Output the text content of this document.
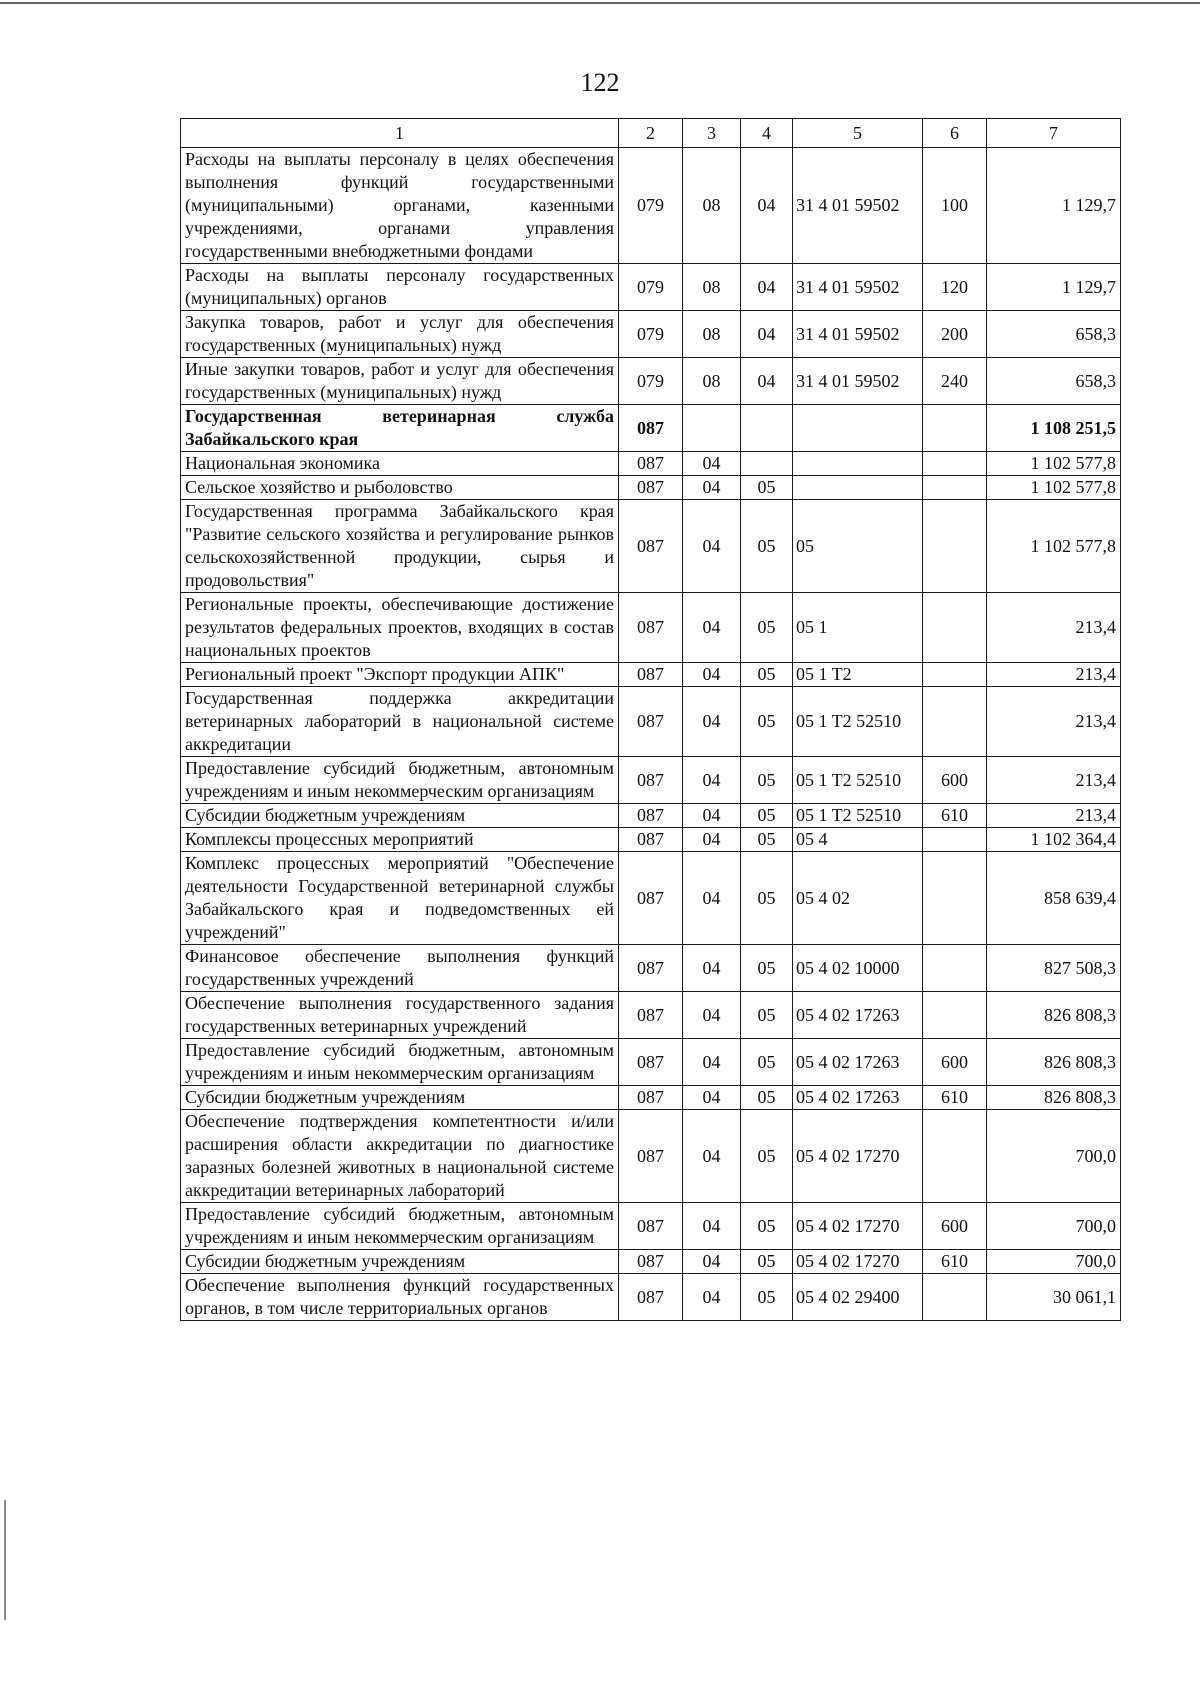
122
1	2	3	4	5	6	7
Расходы на выплаты персоналу в целях обеспечения выполнения функций государственными (муниципальными) органами, казенными учреждениями, органами управления государственными внебюджетными фондами	079	08	04	31 4 01 59502	100	1 129,7
Расходы на выплаты персоналу государственных (муниципальных) органов	079	08	04	31 4 01 59502	120	1 129,7
Закупка товаров, работ и услуг для обеспечения государственных (муниципальных) нужд	079	08	04	31 4 01 59502	200	658,3
Иные закупки товаров, работ и услуг для обеспечения государственных (муниципальных) нужд	079	08	04	31 4 01 59502	240	658,3
Государственная ветеринарная служба Забайкальского края	087					1 108 251,5
Национальная экономика	087	04				1 102 577,8
Сельское хозяйство и рыболовство	087	04	05			1 102 577,8
Государственная программа Забайкальского края "Развитие сельского хозяйства и регулирование рынков сельскохозяйственной продукции, сырья и продовольствия"	087	04	05	05		1 102 577,8
Региональные проекты, обеспечивающие достижение результатов федеральных проектов, входящих в состав национальных проектов	087	04	05	05 1		213,4
Региональный проект "Экспорт продукции АПК"	087	04	05	05 1 T2		213,4
Государственная поддержка аккредитации ветеринарных лабораторий в национальной системе аккредитации	087	04	05	05 1 T2 52510		213,4
Предоставление субсидий бюджетным, автономным учреждениям и иным некоммерческим организациям	087	04	05	05 1 T2 52510	600	213,4
Субсидии бюджетным учреждениям	087	04	05	05 1 T2 52510	610	213,4
Комплексы процессных мероприятий	087	04	05	05 4		1 102 364,4
Комплекс процессных мероприятий "Обеспечение деятельности Государственной ветеринарной службы Забайкальского края и подведомственных ей учреждений"	087	04	05	05 4 02		858 639,4
Финансовое обеспечение выполнения функций государственных учреждений	087	04	05	05 4 02 10000		827 508,3
Обеспечение выполнения государственного задания государственных ветеринарных учреждений	087	04	05	05 4 02 17263		826 808,3
Предоставление субсидий бюджетным, автономным учреждениям и иным некоммерческим организациям	087	04	05	05 4 02 17263	600	826 808,3
Субсидии бюджетным учреждениям	087	04	05	05 4 02 17263	610	826 808,3
Обеспечение подтверждения компетентности и/или расширения области аккредитации по диагностике заразных болезней животных в национальной системе аккредитации ветеринарных лабораторий	087	04	05	05 4 02 17270		700,0
Предоставление субсидий бюджетным, автономным учреждениям и иным некоммерческим организациям	087	04	05	05 4 02 17270	600	700,0
Субсидии бюджетным учреждениям	087	04	05	05 4 02 17270	610	700,0
Обеспечение выполнения функций государственных органов, в том числе территориальных органов	087	04	05	05 4 02 29400		30 061,1
